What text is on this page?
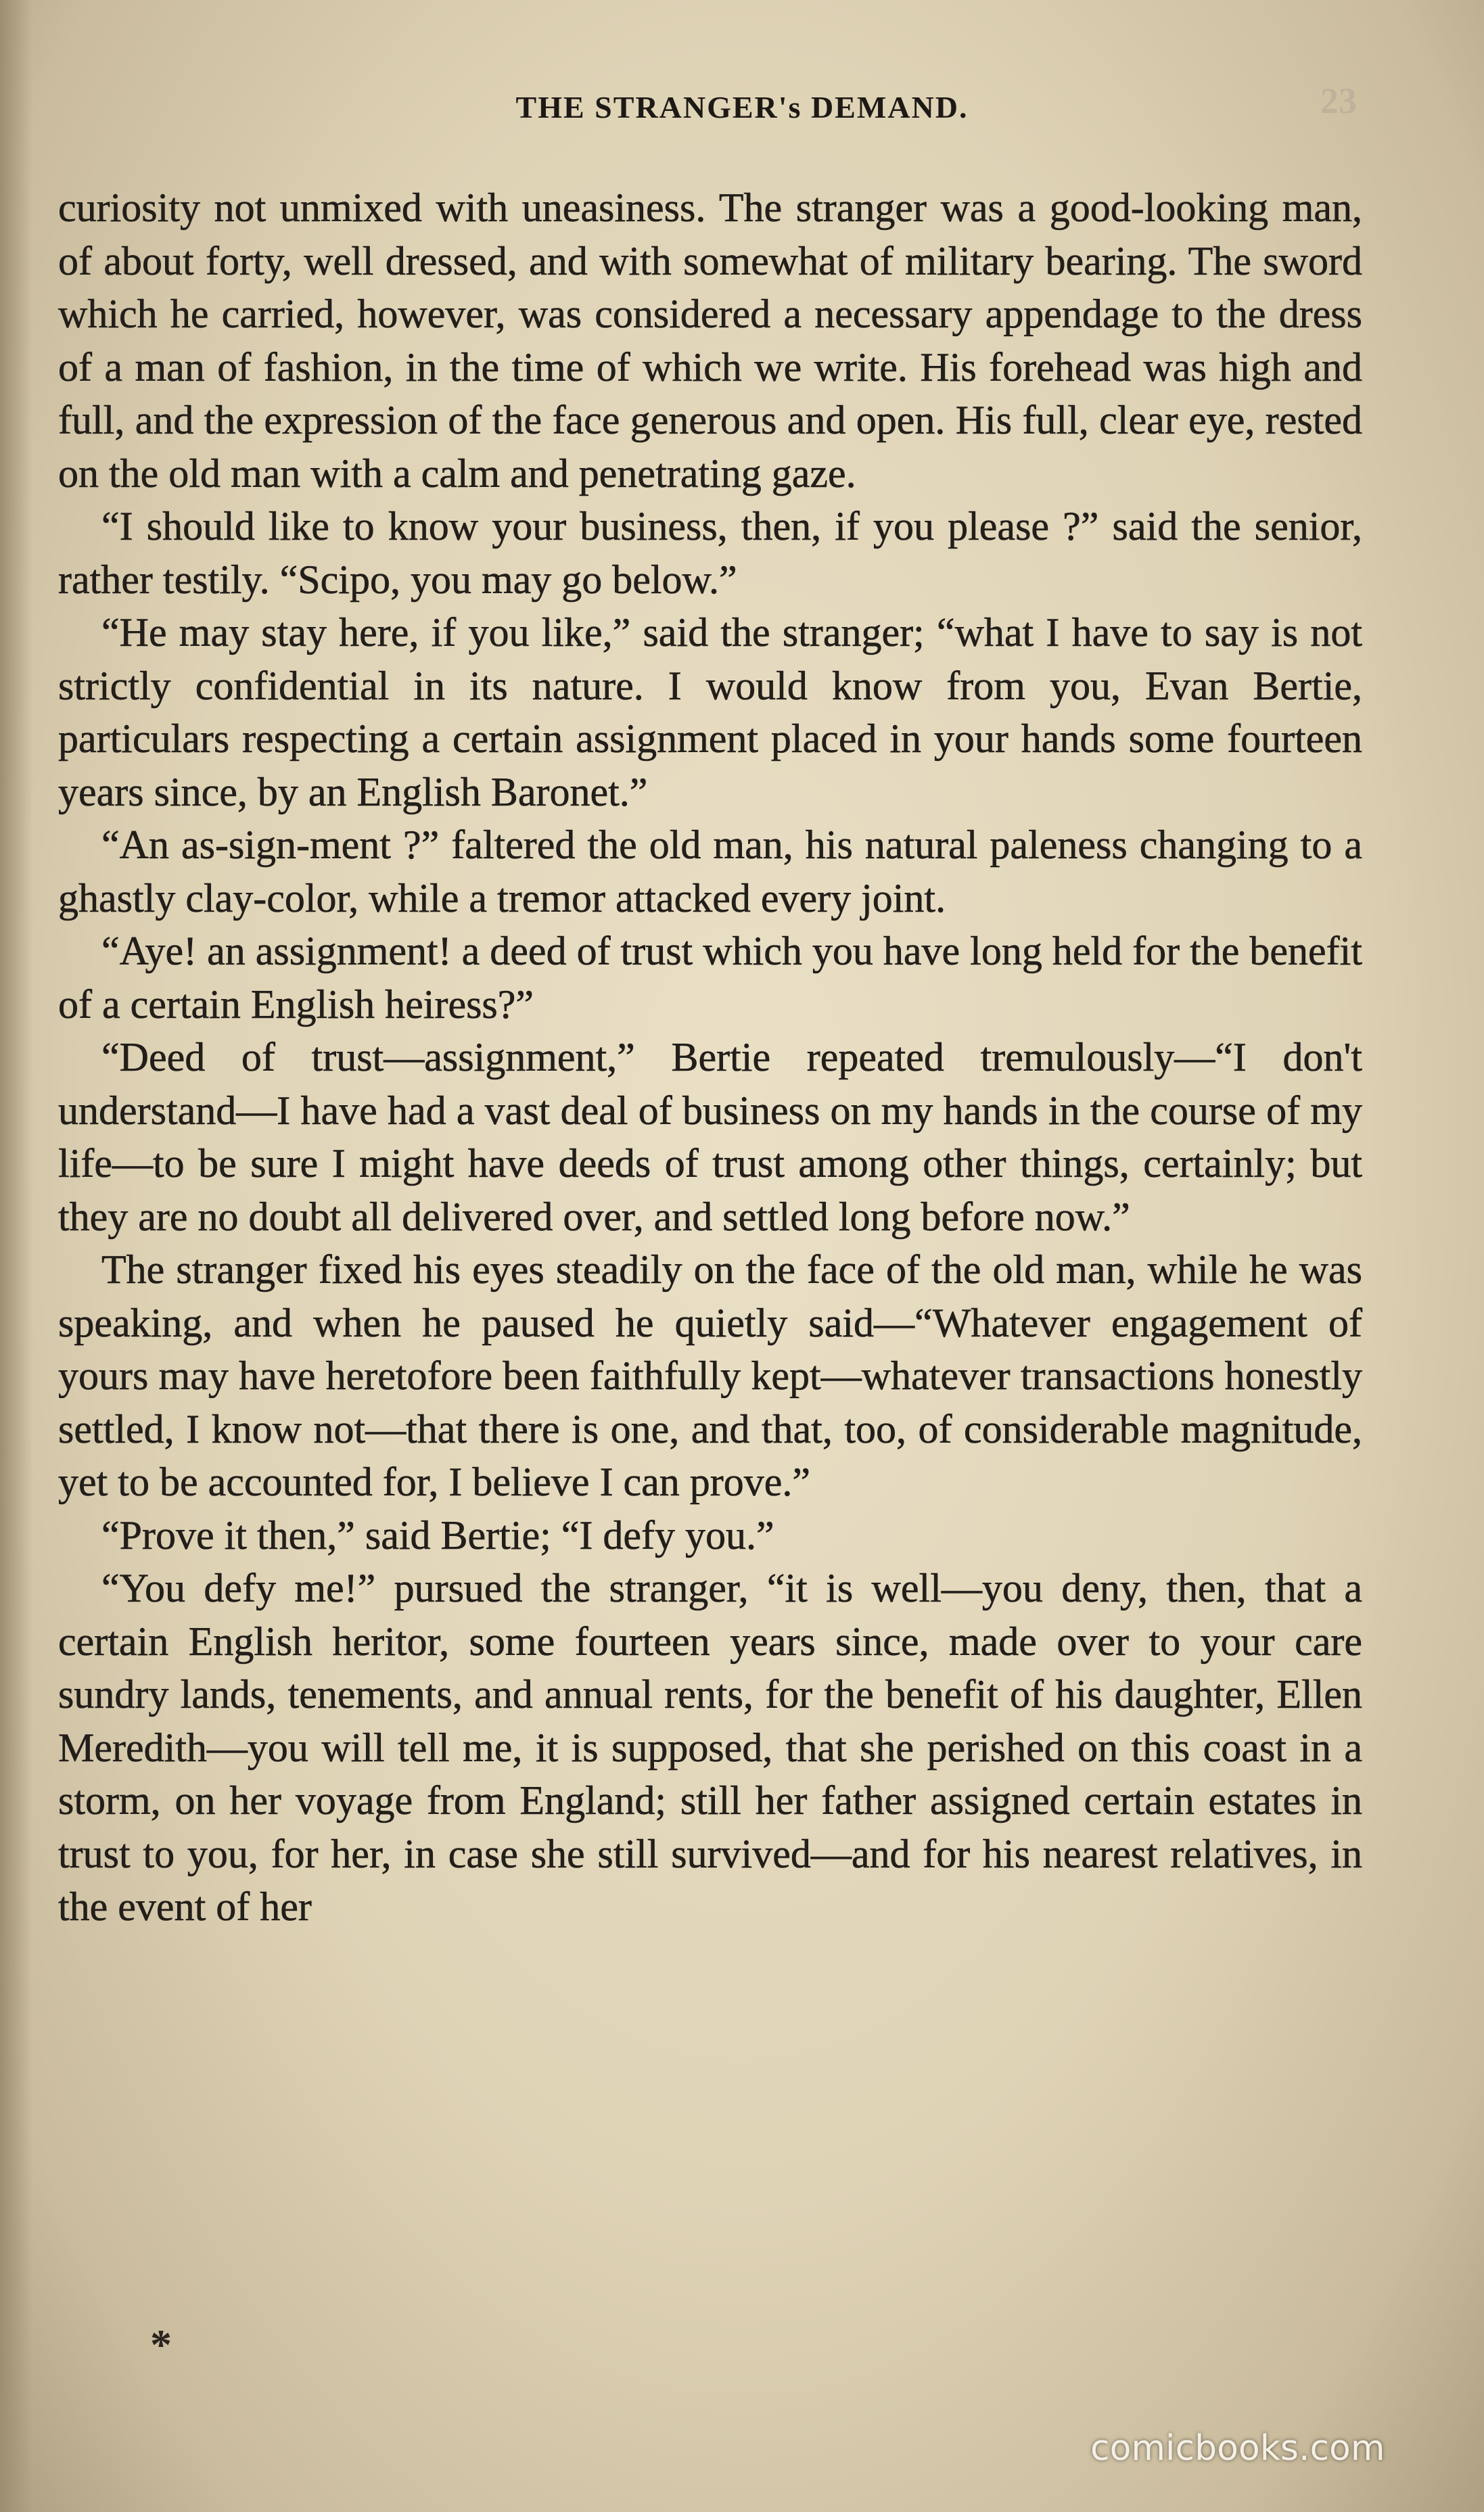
THE STRANGER's DEMAND.	23

curiosity not unmixed with uneasiness. The stranger was a good-looking man, of about forty, well dressed, and with somewhat of military bearing. The sword which he carried, however, was considered a necessary appendage to the dress of a man of fashion, in the time of which we write. His forehead was high and full, and the expression of the face generous and open. His full, clear eye, rested on the old man with a calm and penetrating gaze.

“I should like to know your business, then, if you please ?” said the senior, rather testily. “Scipo, you may go below.”

“He may stay here, if you like,” said the stranger; “what I have to say is not strictly confidential in its nature. I would know from you, Evan Bertie, particulars respecting a certain assignment placed in your hands some fourteen years since, by an English Baronet.”

“An as-sign-ment ?” faltered the old man, his natural paleness changing to a ghastly clay-color, while a tremor attacked every joint.

“Aye! an assignment! a deed of trust which you have long held for the benefit of a certain English heiress?”

“Deed of trust—assignment,” Bertie repeated tremulously—“I don't understand—I have had a vast deal of business on my hands in the course of my life—to be sure I might have deeds of trust among other things, certainly; but they are no doubt all delivered over, and settled long before now.”

The stranger fixed his eyes steadily on the face of the old man, while he was speaking, and when he paused he quietly said—“Whatever engagement of yours may have heretofore been faithfully kept—whatever transactions honestly settled, I know not—that there is one, and that, too, of considerable magnitude, yet to be accounted for, I believe I can prove.”

“Prove it then,” said Bertie; “I defy you.”

“You defy me!” pursued the stranger, “it is well—you deny, then, that a certain English heritor, some fourteen years since, made over to your care sundry lands, tenements, and annual rents, for the benefit of his daughter, Ellen Meredith—you will tell me, it is supposed, that she perished on this coast in a storm, on her voyage from England; still her father assigned certain estates in trust to you, for her, in case she still survived—and for his nearest relatives, in the event of her

*
comicbooks.com
